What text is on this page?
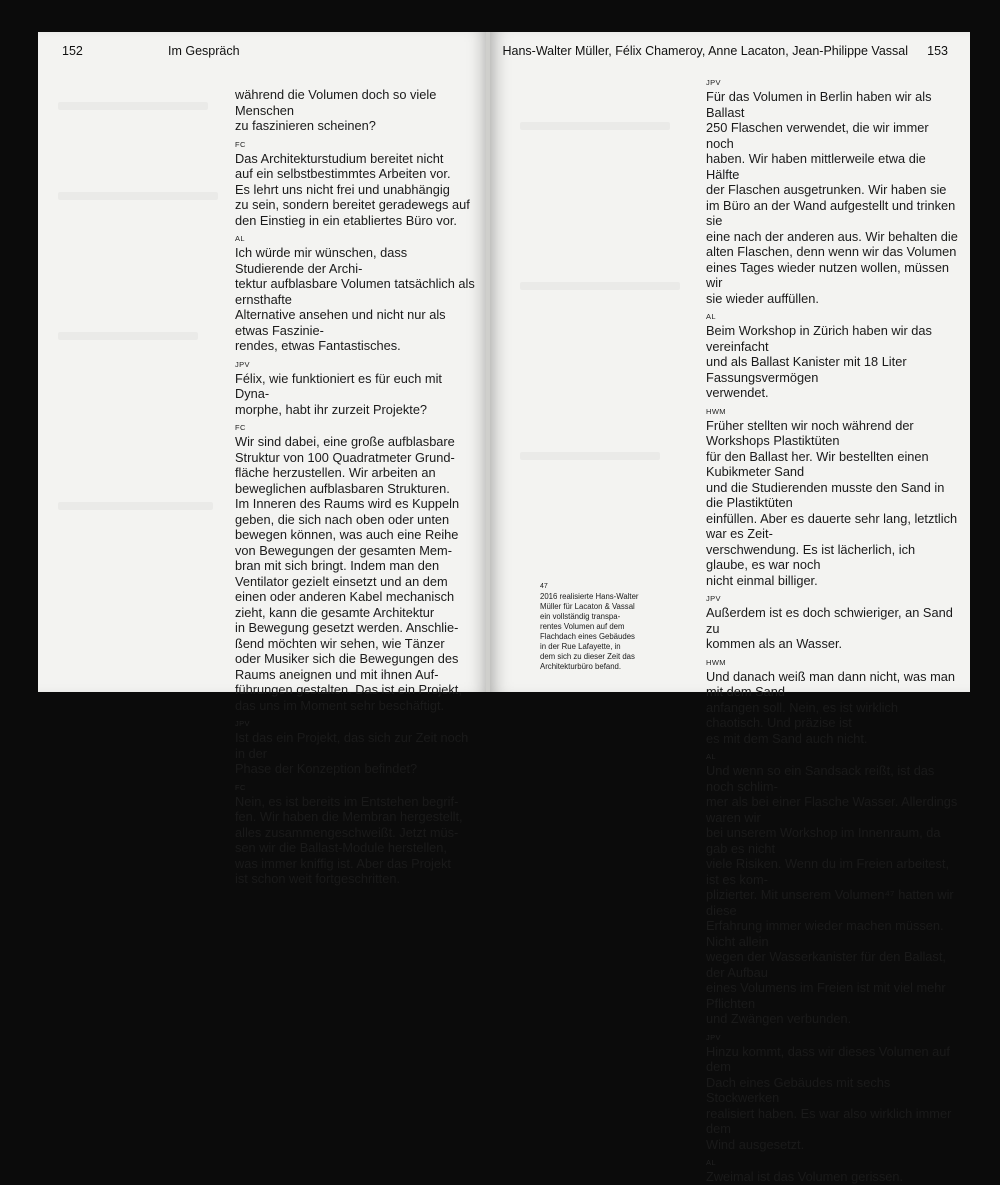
152	Im Gespräch
während die Volumen doch so viele Menschen
zu faszinieren scheinen?
FC
Das Architekturstudium bereitet nicht
auf ein selbstbestimmtes Arbeiten vor.
Es lehrt uns nicht frei und unabhängig
zu sein, sondern bereitet geradewegs auf
den Einstieg in ein etabliertes Büro vor.
AL
Ich würde mir wünschen, dass Studierende der Archi-
tektur aufblasbare Volumen tatsächlich als ernsthafte
Alternative ansehen und nicht nur als etwas Faszinie-
rendes, etwas Fantastisches.
JPV
Félix, wie funktioniert es für euch mit Dyna-
morphe, habt ihr zurzeit Projekte?
FC
Wir sind dabei, eine große aufblasbare
Struktur von 100 Quadratmeter Grund-
fläche herzustellen. Wir arbeiten an
beweglichen aufblasbaren Strukturen.
Im Inneren des Raums wird es Kuppeln
geben, die sich nach oben oder unten
bewegen können, was auch eine Reihe
von Bewegungen der gesamten Mem-
bran mit sich bringt. Indem man den
Ventilator gezielt einsetzt und an dem
einen oder anderen Kabel mechanisch
zieht, kann die gesamte Architektur
in Bewegung gesetzt werden. Anschlie-
ßend möchten wir sehen, wie Tänzer
oder Musiker sich die Bewegungen des
Raums aneignen und mit ihnen Auf-
führungen gestalten. Das ist ein Projekt,
das uns im Moment sehr beschäftigt.
JPV
Ist das ein Projekt, das sich zur Zeit noch in der
Phase der Konzeption befindet?
FC
Nein, es ist bereits im Entstehen begrif-
fen. Wir haben die Membran hergestellt,
alles zusammengeschweißt. Jetzt müs-
sen wir die Ballast-Module herstellen,
was immer kniffig ist. Aber das Projekt
ist schon weit fortgeschritten.
Hans-Walter Müller, Félix Chameroy, Anne Lacaton, Jean-Philippe Vassal 153
JPV
Für das Volumen in Berlin haben wir als Ballast
250 Flaschen verwendet, die wir immer noch
haben. Wir haben mittlerweile etwa die Hälfte
der Flaschen ausgetrunken. Wir haben sie
im Büro an der Wand aufgestellt und trinken sie
eine nach der anderen aus. Wir behalten die
alten Flaschen, denn wenn wir das Volumen
eines Tages wieder nutzen wollen, müssen wir
sie wieder auffüllen.
AL
Beim Workshop in Zürich haben wir das vereinfacht
und als Ballast Kanister mit 18 Liter Fassungsvermögen
verwendet.
HWM
Früher stellten wir noch während der Workshops Plastiktüten
für den Ballast her. Wir bestellten einen Kubikmeter Sand
und die Studierenden musste den Sand in die Plastiktüten
einfüllen. Aber es dauerte sehr lang, letztlich war es Zeit-
verschwendung. Es ist lächerlich, ich glaube, es war noch
nicht einmal billiger.
JPV
Außerdem ist es doch schwieriger, an Sand zu
kommen als an Wasser.
HWM
Und danach weiß man dann nicht, was man mit dem Sand
anfangen soll. Nein, es ist wirklich chaotisch. Und präzise ist
es mit dem Sand auch nicht.
AL
Und wenn so ein Sandsack reißt, ist das noch schlim-
mer als bei einer Flasche Wasser. Allerdings waren wir
bei unserem Workshop im Innenraum, da gab es nicht
viele Risiken. Wenn du im Freien arbeitest, ist es kom-
plizierter. Mit unserem Volumen⁴⁷ hatten wir diese
Erfahrung immer wieder machen müssen. Nicht allein
wegen der Wasserkanister für den Ballast, der Aufbau
eines Volumens im Freien ist mit viel mehr Pflichten
und Zwängen verbunden.
JPV
Hinzu kommt, dass wir dieses Volumen auf dem
Dach eines Gebäudes mit sechs Stockwerken
realisiert haben. Es war also wirklich immer dem
Wind ausgesetzt.
AL
Zweimal ist das Volumen gerissen.
47
2016 realisierte Hans-Walter
Müller für Lacaton & Vassal
ein vollständig transpa-
rentes Volumen auf dem
Flachdach eines Gebäudes
in der Rue Lafayette, in
dem sich zu dieser Zeit das
Architekturbüro befand.
